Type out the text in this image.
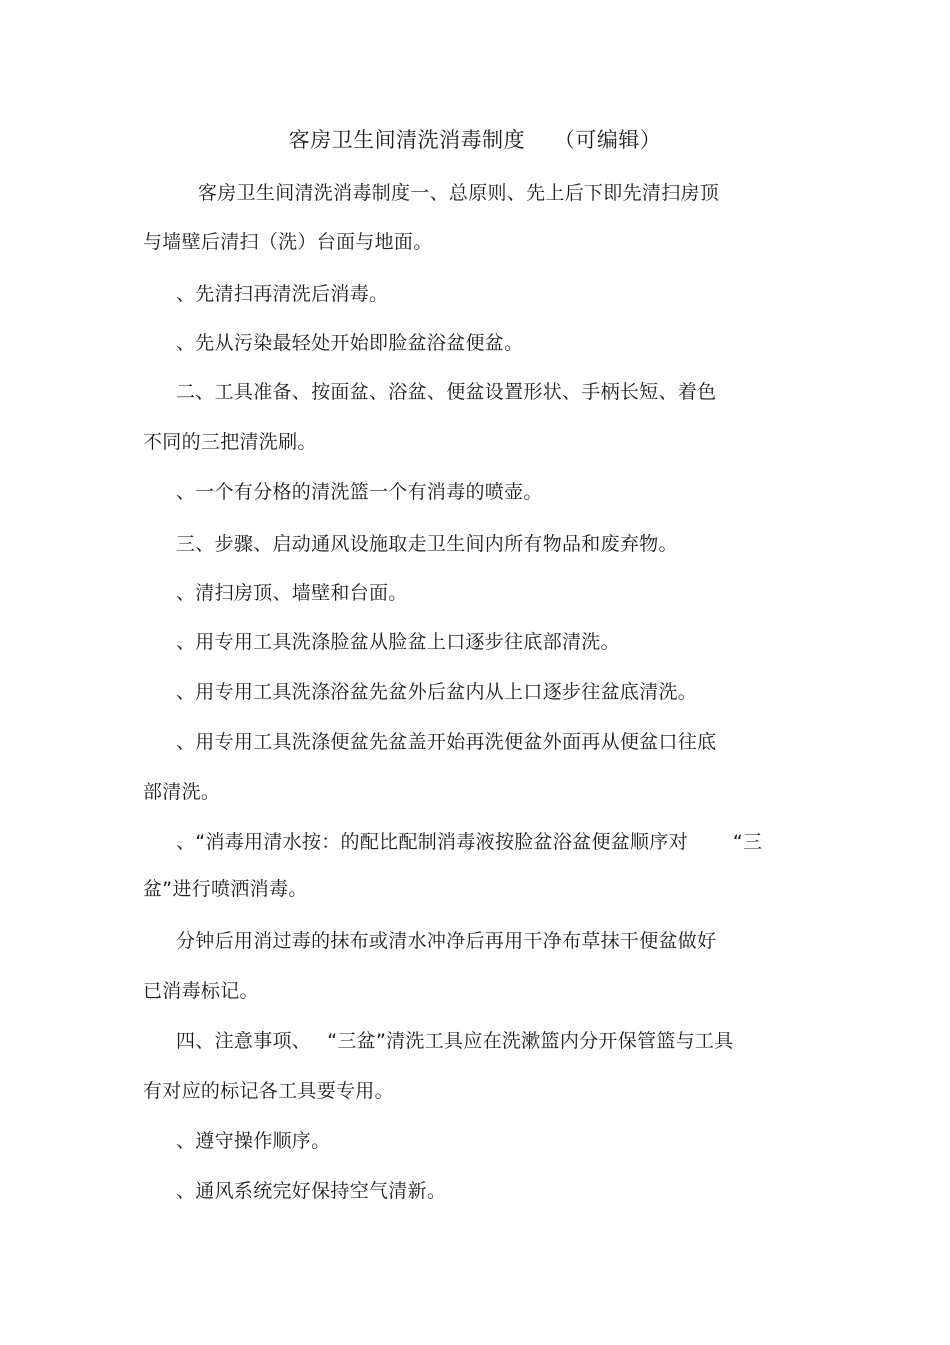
客房卫生间清洗消毒制度　 （可编辑）
客房卫生间清洗消毒制度一、总原则、先上后下即先清扫房顶
与墙壁后清扫（洗）台面与地面。
、先清扫再清洗后消毒。
、先从污染最轻处开始即脸盆浴盆便盆。
二、工具准备、按面盆、浴盆、便盆设置形状、手柄长短、着色
不同的三把清洗刷。
、一个有分格的清洗篮一个有消毒的喷壶。
三、步骤、启动通风设施取走卫生间内所有物品和废弃物。
、清扫房顶、墙壁和台面。
、用专用工具洗涤脸盆从脸盆上口逐步往底部清洗。
、用专用工具洗涤浴盆先盆外后盆内从上口逐步往盆底清洗。
、用专用工具洗涤便盆先盆盖开始再洗便盆外面再从便盆口往底
部清洗。
、“消毒用清水按：的配比配制消毒液按脸盆浴盆便盆顺序对　　 “三
盆”进行喷洒消毒。
分钟后用消过毒的抹布或清水冲净后再用干净布草抹干便盆做好
已消毒标记。
四、注意事项、　 “三盆”清洗工具应在洗漱篮内分开保管篮与工具
有对应的标记各工具要专用。
、遵守操作顺序。
、通风系统完好保持空气清新。
